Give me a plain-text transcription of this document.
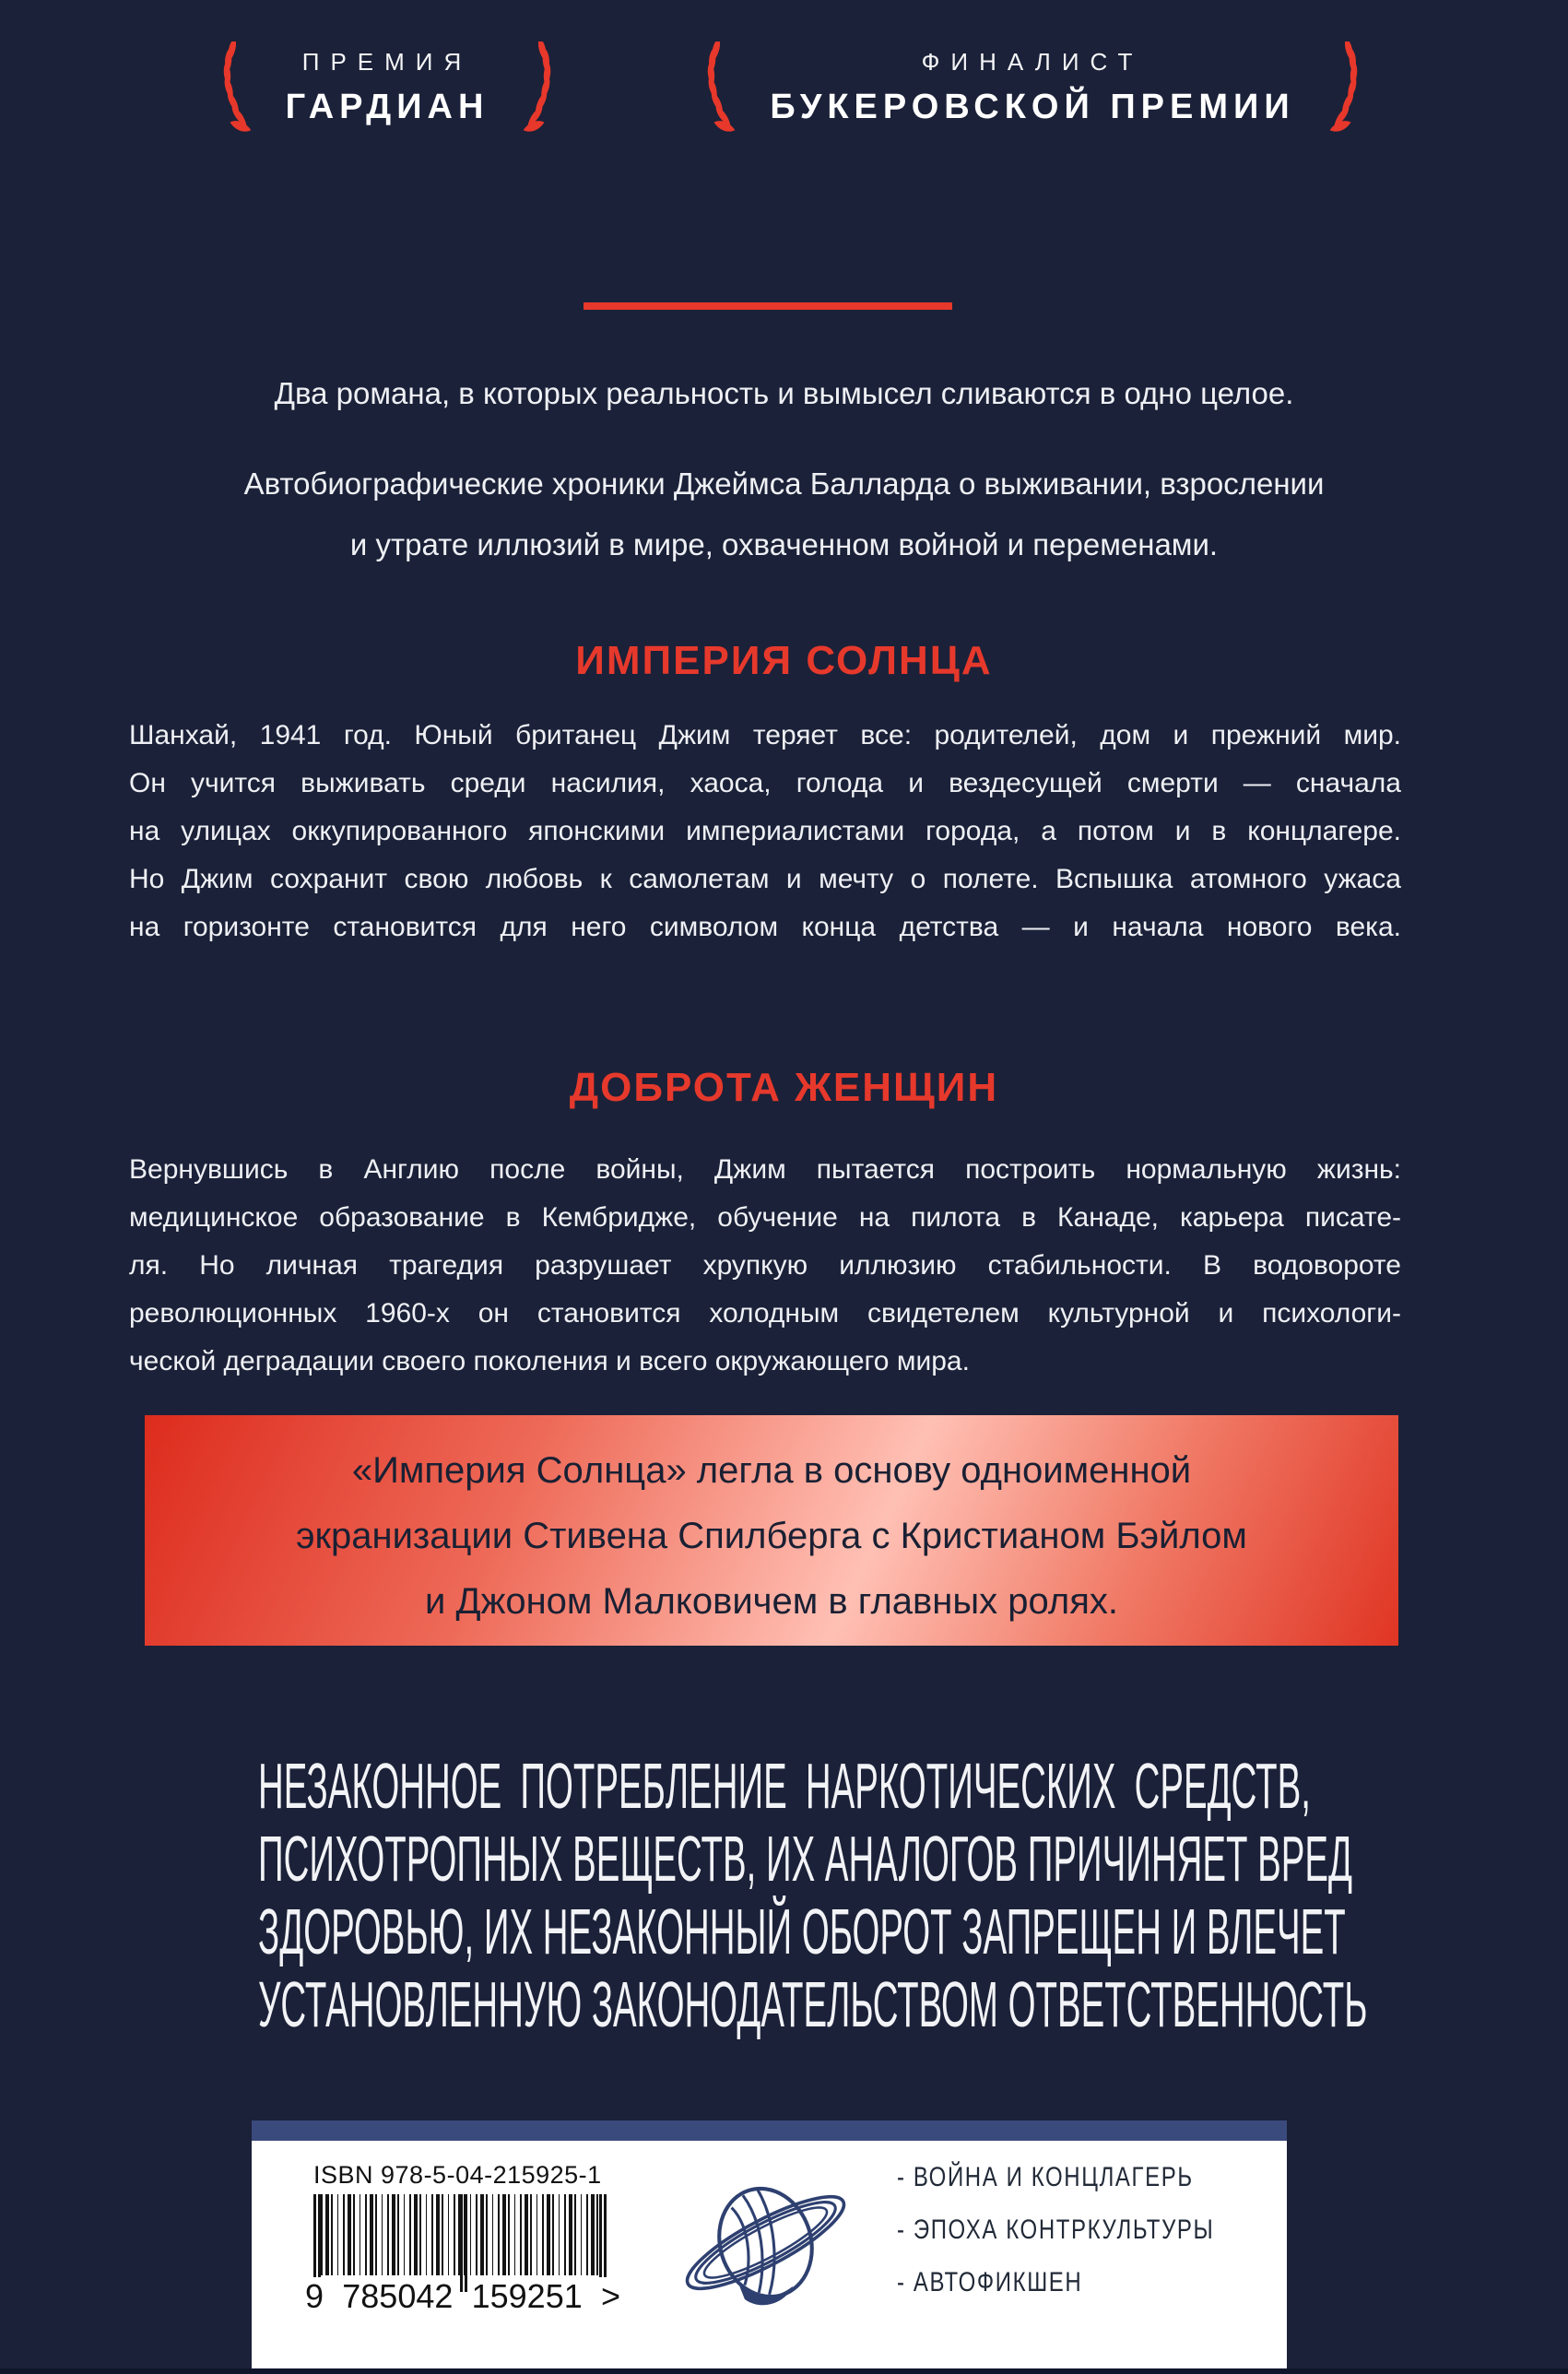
ПРЕМИЯ
ГАРДИАН
ФИНАЛИСТ
БУКЕРОВСКОЙ ПРЕМИИ
Два романа, в которых реальность и вымысел сливаются в одно целое.
Автобиографические хроники Джеймса Балларда о выживании, взрослении
и утрате иллюзий в мире, охваченном войной и переменами.
ИМПЕРИЯ СОЛНЦА
Шанхай, 1941 год. Юный британец Джим теряет все: родителей, дом и прежний мир.
Он учится выживать среди насилия, хаоса, голода и вездесущей смерти — сначала
на улицах оккупированного японскими империалистами города, а потом и в концлагере.
Но Джим сохранит свою любовь к самолетам и мечту о полете. Вспышка атомного ужаса
на горизонте становится для него символом конца детства — и начала нового века.
ДОБРОТА ЖЕНЩИН
Вернувшись в Англию после войны, Джим пытается построить нормальную жизнь:
медицинское образование в Кембридже, обучение на пилота в Канаде, карьера писате-
ля. Но личная трагедия разрушает хрупкую иллюзию стабильности. В водовороте
революционных 1960-х он становится холодным свидетелем культурной и психологи-
ческой деградации своего поколения и всего окружающего мира.
«Империя Солнца» легла в основу одноименной
экранизации Стивена Спилберга с Кристианом Бэйлом
и Джоном Малковичем в главных ролях.
НЕЗАКОННОЕ ПОТРЕБЛЕНИЕ НАРКОТИЧЕСКИХ СРЕДСТВ,
ПСИХОТРОПНЫХ ВЕЩЕСТВ, ИХ АНАЛОГОВ ПРИЧИНЯЕТ ВРЕД
ЗДОРОВЬЮ, ИХ НЕЗАКОННЫЙ ОБОРОТ ЗАПРЕЩЕН И ВЛЕЧЕТ
УСТАНОВЛЕННУЮ ЗАКОНОДАТЕЛЬСТВОМ ОТВЕТСТВЕННОСТЬ
ISBN 978-5-04-215925-1
9 785042 159251 >
- ВОЙНА И КОНЦЛАГЕРЬ
- ЭПОХА КОНТРКУЛЬТУРЫ
- АВТОФИКШЕН
